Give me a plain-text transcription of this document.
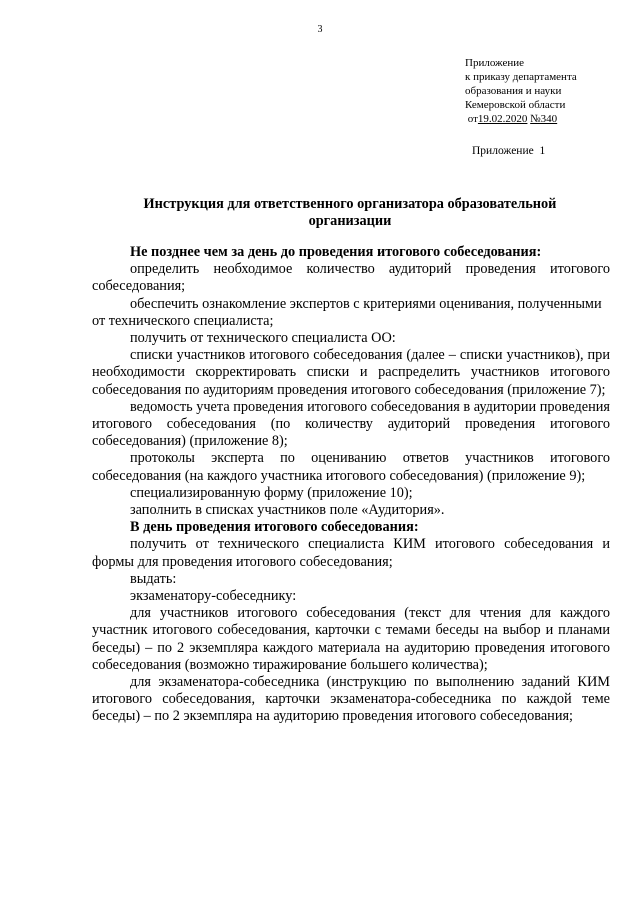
3
Приложение
к приказу департамента
образования и науки
Кемеровской области
от19.02.2020 №340
Приложение  1
Инструкция для ответственного организатора образовательной организации

Не позднее чем за день до проведения итогового собеседования:

определить необходимое количество аудиторий проведения итогового собеседования;

обеспечить ознакомление экспертов с критериями оценивания, полученными

от технического специалиста;

получить от технического специалиста ОО:

списки участников итогового собеседования (далее – списки участников), при необходимости скорректировать списки и распределить участников итогового собеседования по аудиториям проведения итогового собеседования (приложение 7);

ведомость учета проведения итогового собеседования в аудитории проведения итогового собеседования (по количеству аудиторий проведения итогового собеседования) (приложение 8);

протоколы эксперта по оцениванию ответов участников итогового собеседования (на каждого участника итогового собеседования) (приложение 9);

специализированную форму (приложение 10);

заполнить в списках участников поле «Аудитория».

В день проведения итогового собеседования:

получить от технического специалиста КИМ итогового собеседования и формы для проведения итогового собеседования;

выдать:

экзаменатору-собеседнику:

для участников итогового собеседования (текст для чтения для каждого участник итогового собеседования, карточки с темами беседы на выбор и планами беседы) – по 2 экземпляра каждого материала на аудиторию проведения итогового собеседования (возможно тиражирование большего количества);

для экзаменатора-собеседника (инструкцию по выполнению заданий КИМ итогового собеседования, карточки экзаменатора-собеседника по каждой теме беседы) – по 2 экземпляра на аудиторию проведения итогового собеседования;
